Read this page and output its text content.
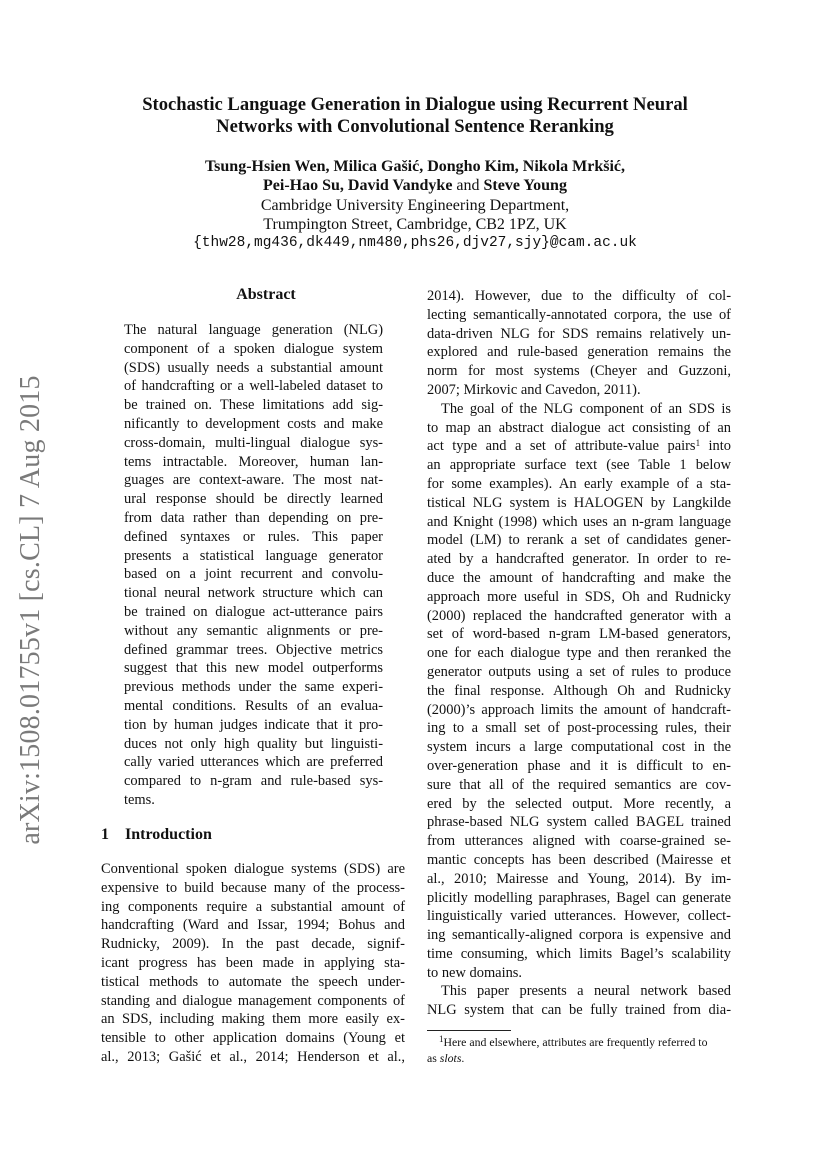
arXiv:1508.01755v1 [cs.CL] 7 Aug 2015
Stochastic Language Generation in Dialogue using Recurrent Neural
Networks with Convolutional Sentence Reranking
Tsung-Hsien Wen, Milica Gašić, Dongho Kim, Nikola Mrkšić,
Pei-Hao Su, David Vandyke and Steve Young
Cambridge University Engineering Department,
Trumpington Street, Cambridge, CB2 1PZ, UK
{thw28,mg436,dk449,nm480,phs26,djv27,sjy}@cam.ac.uk
Abstract
The natural language generation (NLG)
component of a spoken dialogue system
(SDS) usually needs a substantial amount
of handcrafting or a well-labeled dataset to
be trained on. These limitations add sig-
nificantly to development costs and make
cross-domain, multi-lingual dialogue sys-
tems intractable. Moreover, human lan-
guages are context-aware. The most nat-
ural response should be directly learned
from data rather than depending on pre-
defined syntaxes or rules. This paper
presents a statistical language generator
based on a joint recurrent and convolu-
tional neural network structure which can
be trained on dialogue act-utterance pairs
without any semantic alignments or pre-
defined grammar trees. Objective metrics
suggest that this new model outperforms
previous methods under the same experi-
mental conditions. Results of an evalua-
tion by human judges indicate that it pro-
duces not only high quality but linguisti-
cally varied utterances which are preferred
compared to n-gram and rule-based sys-
tems.
1 Introduction
Conventional spoken dialogue systems (SDS) are
expensive to build because many of the process-
ing components require a substantial amount of
handcrafting (Ward and Issar, 1994; Bohus and
Rudnicky, 2009). In the past decade, signif-
icant progress has been made in applying sta-
tistical methods to automate the speech under-
standing and dialogue management components of
an SDS, including making them more easily ex-
tensible to other application domains (Young et
al., 2013; Gašić et al., 2014; Henderson et al.,
2014). However, due to the difficulty of col-
lecting semantically-annotated corpora, the use of
data-driven NLG for SDS remains relatively un-
explored and rule-based generation remains the
norm for most systems (Cheyer and Guzzoni,
2007; Mirkovic and Cavedon, 2011).
The goal of the NLG component of an SDS is
to map an abstract dialogue act consisting of an
act type and a set of attribute-value pairs$^1$ into
an appropriate surface text (see Table 1 below
for some examples). An early example of a sta-
tistical NLG system is HALOGEN by Langkilde
and Knight (1998) which uses an n-gram language
model (LM) to rerank a set of candidates gener-
ated by a handcrafted generator. In order to re-
duce the amount of handcrafting and make the
approach more useful in SDS, Oh and Rudnicky
(2000) replaced the handcrafted generator with a
set of word-based n-gram LM-based generators,
one for each dialogue type and then reranked the
generator outputs using a set of rules to produce
the final response. Although Oh and Rudnicky
(2000)’s approach limits the amount of handcraft-
ing to a small set of post-processing rules, their
system incurs a large computational cost in the
over-generation phase and it is difficult to en-
sure that all of the required semantics are cov-
ered by the selected output. More recently, a
phrase-based NLG system called BAGEL trained
from utterances aligned with coarse-grained se-
mantic concepts has been described (Mairesse et
al., 2010; Mairesse and Young, 2014). By im-
plicitly modelling paraphrases, Bagel can generate
linguistically varied utterances. However, collect-
ing semantically-aligned corpora is expensive and
time consuming, which limits Bagel’s scalability
to new domains.
This paper presents a neural network based
NLG system that can be fully trained from dia-
$^1$Here and elsewhere, attributes are frequently referred to
as slots.
